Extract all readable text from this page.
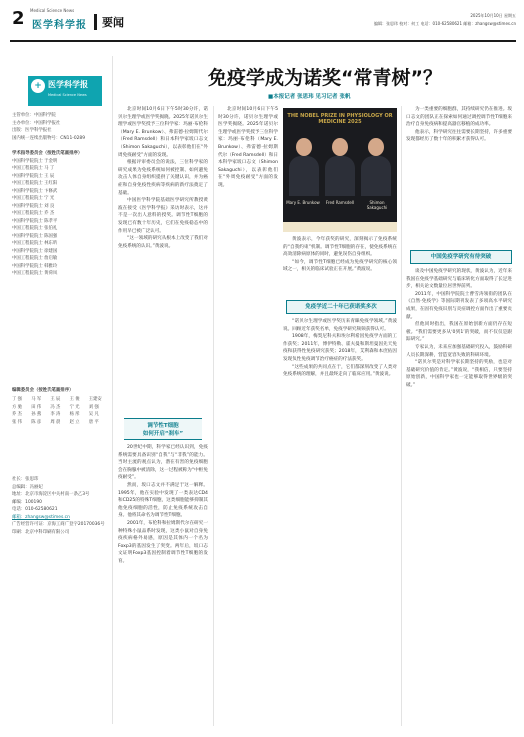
2 Medical Science News
医学科学报 要闻
2025年10月10日 星期五
编辑：张思玮 校对：何工 电话：010-62580621 邮箱：zhangsw@stimes.cn
+ 医学科学报
Medical Science News
主管单位：中国科学院
主办单位：中国科学报社
出版：医学科学报社
国内统一连续出版物号：CN11-0289
学术指导委员会（按姓氏笔画排序）
中国科学院院士 于金明
中国工程院院士 马 丁
中国科学院院士 王 辰
中国工程院院士 王红阳
中国科学院院士 卞修武
中国工程院院士 宁 光
中国科学院院士 刘 良
中国工程院院士 乔 杰
中国科学院院士 陈孝平
中国工程院院士 张伯礼
中国科学院院士 陈国强
中国工程院院士 林东昕
中国科学院院士 徐建国
中国工程院院士 詹启敏
中国科学院院士 韩雅玲
中国工程院院士 黄荷凤
编辑委员会（按姓氏笔画排序）
丁 强	马 军	王 辰	王 俊	王建安
方 驰	田 伟	冯 杰	宁 光	刘 强
乔 杰	孙 燕	李 涛	杨 彤	吴 凡
张 伟	陈 彦	周 晨	赵 立	唐 平
社长：张思玮
总编辑：冯丽妃
地址：北京市海淀区中关村南一条乙3号
邮编：100190
电话：010-62580621
邮箱：zhangsw@stimes.cn
广告经营许可证：京海工商广登字20170036号
印刷：北京中科印刷有限公司
免疫学成为诺奖“常青树”？
■本报记者 张思玮 见习记者 张帆

北京时间10月6日下午5时30分许，诺贝尔生理学或医学奖揭晓。2025年诺贝尔生理学或医学奖授予三位科学家：玛丽·布伦科（Mary E. Brunkow）、弗雷德·拉姆斯代尔（Fred Ramsdell）和日本科学家坂口志文（Shimon Sakaguchi），以表彰他们在“外周免疫耐受”方面的发现。

根据评审委员会的说法，三位科学家的研究成果为免疫系统如何被控制、如何避免攻击人体自身组织提供了关键认识，并为癌症和自身免疫性疾病等疾病的新疗法奠定了基础。

中国医学科学院基础医学研究所教授黄波在接受《医学科学报》采访时表示，这并不是一次出人意料的授奖。调节性T细胞的发现已有数十年历史，它们在免疫稳态中的作用早已被广泛认可。

“这一领域的研究从根本上改变了我们对免疫系统的认识。”黄波说。

调节性T细胞
如何开启“刹车”

20世纪中期，科学家已经认识到，免疫系统需要具备识别“自我”与“非我”的能力。当时主流的观点认为，潜在有害的免疫细胞会在胸腺中被清除，这一过程被称为“中枢免疫耐受”。

然而，坂口志文并不满足于这一解释。1995年，他在实验中发现了一类表达CD4和CD25的特殊T细胞，这类细胞能够抑制其他免疫细胞的活性，防止免疫系统攻击自身。他将其命名为调节性T细胞。

2001年，布伦科和拉姆斯代尔在研究一种特殊小鼠品系时发现，这类小鼠对自身免疫疾病格外易感，原因是其体内一个名为Foxp3的基因发生了突变。两年后，坂口志文证明Foxp3基因控制着调节性T细胞的发育。

THE NOBEL PRIZE IN PHYSIOLOGY OR MEDICINE 2025
Mary E. Brunkow	Fred Ramsdell	Shimon Sakaguchi

北京时间10月6日下午5时30分许，诺贝尔生理学或医学奖揭晓。2025年诺贝尔生理学或医学奖授予三位科学家：玛丽·布伦科（Mary E. Brunkow）、弗雷德·拉姆斯代尔（Fred Ramsdell）和日本科学家坂口志文（Shimon Sakaguchi），以表彰他们在“外周免疫耐受”方面的发现。

黄波表示，今年获奖的研究，深刻揭示了免疫系统的“自我约束”机制。调节性T细胞的存在，使免疫系统在高效清除病原体的同时，避免误伤自身组织。

“如今，调节性T细胞已经成为免疫学研究的核心领域之一，相关的临床试验正在开展。”黄波说。

免疫学近二十年已获诺奖多次

“诺贝尔生理学或医学奖历来青睐免疫学领域。”黄波说。回顾近年获奖名单，免疫学研究频频获得认可。

1908年，梅契尼科夫和埃尔利希因免疫学方面的工作获奖；2011年，博伊特勒、霍夫曼和斯坦曼因先天免疫和获得性免疫研究获奖；2018年，艾利森和本庶佑因发现负性免疫调节治疗癌症的疗法获奖。

“这些成果的共同点在于，它们都深刻改变了人类对免疫系统的理解，并且最终走向了临床应用。”黄波说。

为一类重要的细胞群，其持续研究仍在推进。坂口志文的团队正在探索如何通过调控调节性T细胞来治疗自身免疫病和提高器官移植的成功率。

他表示，科学研究往往需要长期坚持，许多重要发现都经历了数十年的积累才获得认可。

中国免疫学研究有待突破

谈及中国免疫学研究的现状，黄波认为，近年来我国在免疫学基础研究与临床转化方面取得了长足进步，相关论文数量位居世界前列。

2011年，中国科学院院士曹雪涛领衔的团队在《自然·免疫学》等国际期刊发表了多项高水平研究成果，在固有免疫识别与炎症调控方面作出了重要贡献。

但他同时指出，我国在原始创新方面仍存在短板。“我们需要更多从‘0到1’的突破，而不仅仅是跟踪研究。”

专家认为，未来应加强基础研究投入，鼓励科研人员长期深耕，营造宽容失败的科研环境。

“诺贝尔奖是对科学家长期坚持的奖励，也是对基础研究价值的肯定。”黄波说，“我相信，只要坚持原始创新，中国科学家也一定能够取得世界级的突破。”
